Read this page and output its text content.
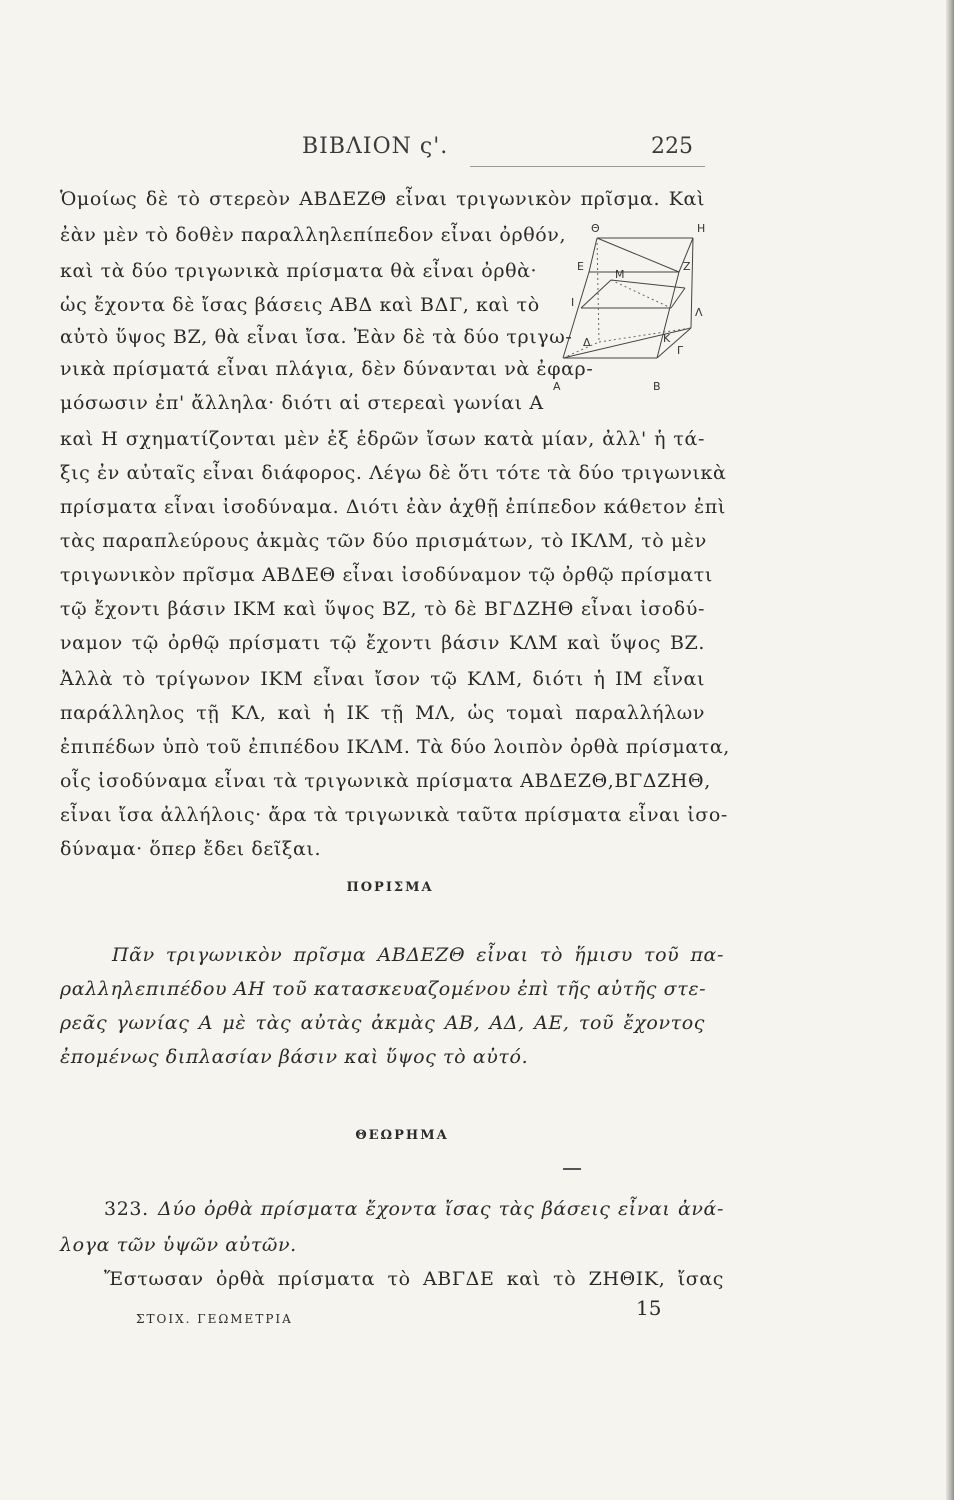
ΒΙΒΛΙΟΝ ς'.	225
Ὁμοίως δὲ τὸ στερεὸν ΑΒΔΕΖΘ εἶναι τριγωνικὸν πρῖσμα. Καὶ
ἐὰν μὲν τὸ δοθὲν παραλληλεπίπεδον εἶναι ὀρθόν,
καὶ τὰ δύο τριγωνικὰ πρίσματα θὰ εἶναι ὀρθὰ·
ὡς ἔχοντα δὲ ἴσας βάσεις ΑΒΔ καὶ ΒΔΓ, καὶ τὸ
αὐτὸ ὕψος ΒΖ, θὰ εἶναι ἴσα. Ἐὰν δὲ τὰ δύο τριγω-
νικὰ πρίσματά εἶναι πλάγια, δὲν δύνανται νὰ ἐφαρ-
μόσωσιν ἐπ' ἄλληλα· διότι αἱ στερεαὶ γωνίαι Α
καὶ Η σχηματίζονται μὲν ἐξ ἑδρῶν ἴσων κατὰ μίαν, ἀλλ' ἡ τά-
ξις ἐν αὐταῖς εἶναι διάφορος. Λέγω δὲ ὅτι τότε τὰ δύο τριγωνικὰ
πρίσματα εἶναι ἰσοδύναμα. Διότι ἐὰν ἀχθῇ ἐπίπεδον κάθετον ἐπὶ
τὰς παραπλεύρους ἀκμὰς τῶν δύο πρισμάτων, τὸ ΙΚΛΜ, τὸ μὲν
τριγωνικὸν πρῖσμα ΑΒΔΕΘ εἶναι ἰσοδύναμον τῷ ὀρθῷ πρίσματι
τῷ ἔχοντι βάσιν ΙΚΜ καὶ ὕψος ΒΖ, τὸ δὲ ΒΓΔΖΗΘ εἶναι ἰσοδύ-
ναμον τῷ ὀρθῷ πρίσματι τῷ ἔχοντι βάσιν ΚΛΜ καὶ ὕψος ΒΖ.
Ἀλλὰ τὸ τρίγωνον ΙΚΜ εἶναι ἴσον τῷ ΚΛΜ, διότι ἡ ΙΜ εἶναι
παράλληλος τῇ ΚΛ, καὶ ἡ ΙΚ τῇ ΜΛ, ὡς τομαὶ παραλλήλων
ἐπιπέδων ὑπὸ τοῦ ἐπιπέδου ΙΚΛΜ. Τὰ δύο λοιπὸν ὀρθὰ πρίσματα,
οἷς ἰσοδύναμα εἶναι τὰ τριγωνικὰ πρίσματα ΑΒΔΕΖΘ,ΒΓΔΖΗΘ,
εἶναι ἴσα ἀλλήλοις· ἄρα τὰ τριγωνικὰ ταῦτα πρίσματα εἶναι ἰσο-
δύναμα· ὅπερ ἔδει δεῖξαι.
Θ	Η
Ε
Μ
Ζ
Ι
Λ
Δ	Κ
Γ
Α	Β
ΠΟΡΙΣΜΑ
Πᾶν τριγωνικὸν πρῖσμα ΑΒΔΕΖΘ εἶναι τὸ ἥμισυ τοῦ πα-
ραλληλεπιπέδου ΑΗ τοῦ κατασκευαζομένου ἐπὶ τῆς αὐτῆς στε-
ρεᾶς γωνίας Α μὲ τὰς αὐτὰς ἀκμὰς ΑΒ, ΑΔ, ΑΕ, τοῦ ἔχοντος
ἐπομένως διπλασίαν βάσιν καὶ ὕψος τὸ αὐτό.
ΘΕΩΡΗΜΑ
323. Δύο ὀρθὰ πρίσματα ἔχοντα ἴσας τὰς βάσεις εἶναι ἀνά-
λογα τῶν ὑψῶν αὐτῶν.
Ἔστωσαν ὀρθὰ πρίσματα τὸ ΑΒΓΔΕ καὶ τὸ ΖΗΘΙΚ, ἴσας
ΣΤΟΙΧ. ΓΕΩΜΕΤΡΙΑ	15
